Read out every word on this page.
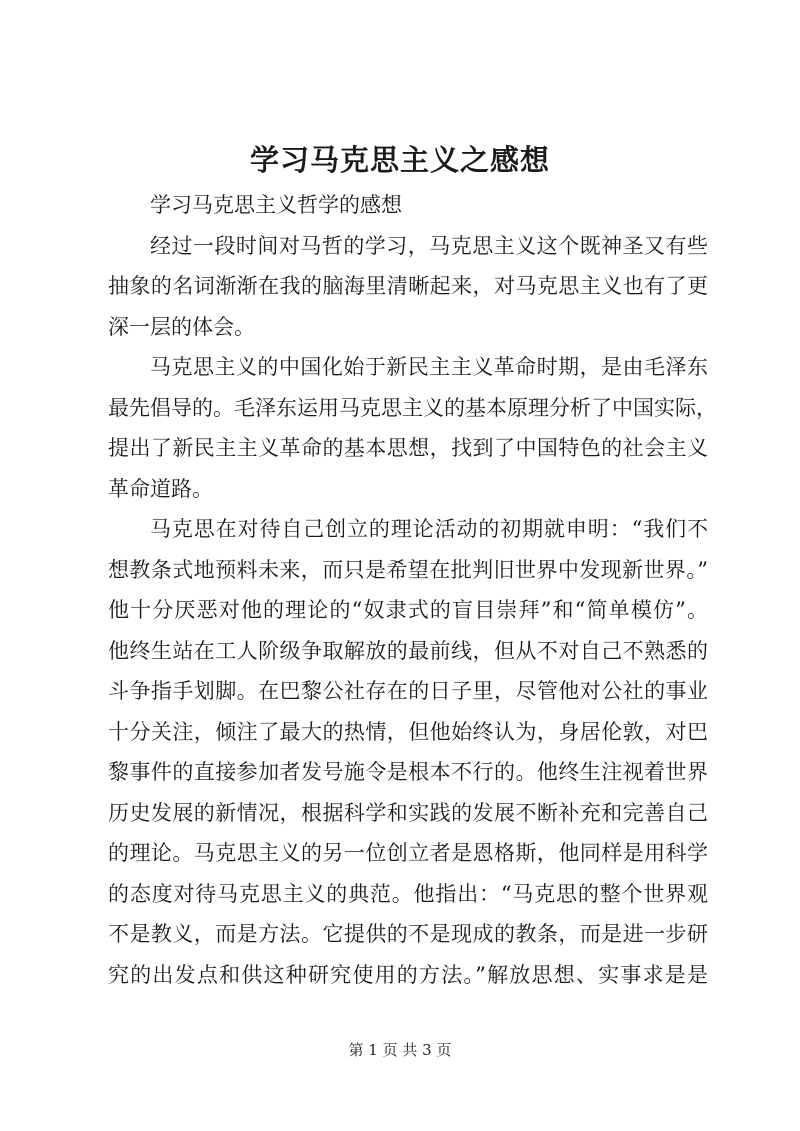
学习马克思主义之感想
学习马克思主义哲学的感想
经过一段时间对马哲的学习，马克思主义这个既神圣又有些
抽象的名词渐渐在我的脑海里清晰起来，对马克思主义也有了更
深一层的体会。
马克思主义的中国化始于新民主主义革命时期，是由毛泽东
最先倡导的。毛泽东运用马克思主义的基本原理分析了中国实际，
提出了新民主主义革命的基本思想，找到了中国特色的社会主义
革命道路。
马克思在对待自己创立的理论活动的初期就申明：“我们不
想教条式地预料未来，而只是希望在批判旧世界中发现新世界。”
他十分厌恶对他的理论的“奴隶式的盲目崇拜”和“简单模仿”。
他终生站在工人阶级争取解放的最前线，但从不对自己不熟悉的
斗争指手划脚。在巴黎公社存在的日子里，尽管他对公社的事业
十分关注，倾注了最大的热情，但他始终认为，身居伦敦，对巴
黎事件的直接参加者发号施令是根本不行的。他终生注视着世界
历史发展的新情况，根据科学和实践的发展不断补充和完善自己
的理论。马克思主义的另一位创立者是恩格斯，他同样是用科学
的态度对待马克思主义的典范。他指出：“马克思的整个世界观
不是教义，而是方法。它提供的不是现成的教条，而是进一步研
究的出发点和供这种研究使用的方法。”解放思想、实事求是是
第 1 页 共 3 页
